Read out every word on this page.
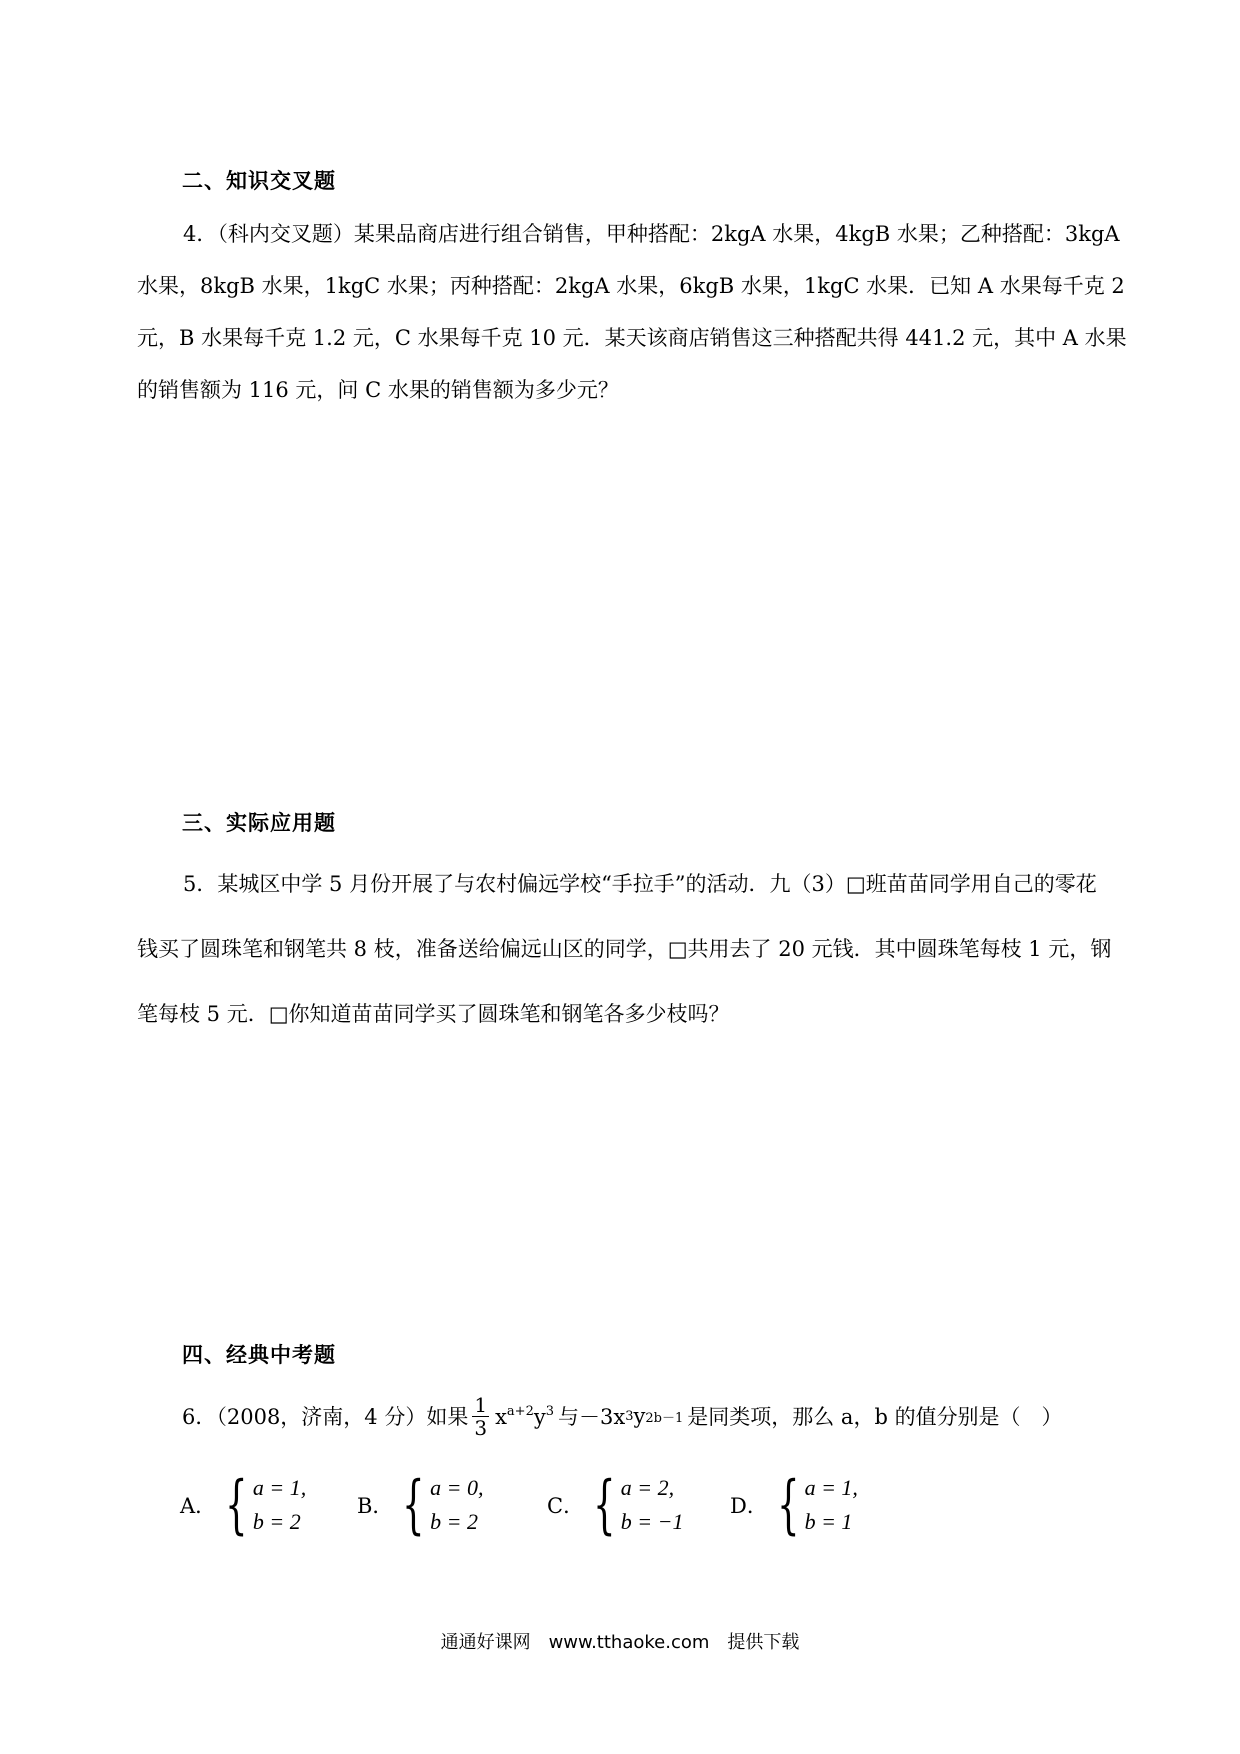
二、知识交叉题
4．（科内交叉题）某果品商店进行组合销售，甲种搭配：2kgA 水果，4kgB 水果；乙种搭配：3kgA
水果，8kgB 水果，1kgC 水果；丙种搭配：2kgA 水果，6kgB 水果，1kgC 水果．已知 A 水果每千克 2
元，B 水果每千克 1.2 元，C 水果每千克 10 元．某天该商店销售这三种搭配共得 441.2 元，其中 A 水果
的销售额为 116 元，问 C 水果的销售额为多少元？
三、实际应用题
5．某城区中学 5 月份开展了与农村偏远学校“手拉手”的活动．九（3）□班苗苗同学用自己的零花
钱买了圆珠笔和钢笔共 8 枝，准备送给偏远山区的同学，□共用去了 20 元钱．其中圆珠笔每枝 1 元，钢
笔每枝 5 元．□你知道苗苗同学买了圆珠笔和钢笔各多少枝吗？
四、经典中考题
6．（2008，济南，4 分）如果 $\frac{1}{3} x^{a+2}y^3$ 与－3x 3 y 2b－1 是同类项，那么 a，b 的值分别是（　）
A． { a = 1,
b = 2
B． { a = 0,
b = 2
C． { a = 2,
b = −1
D． { a = 1,
b = 1
通通好课网　www.tthaoke.com　提供下载
